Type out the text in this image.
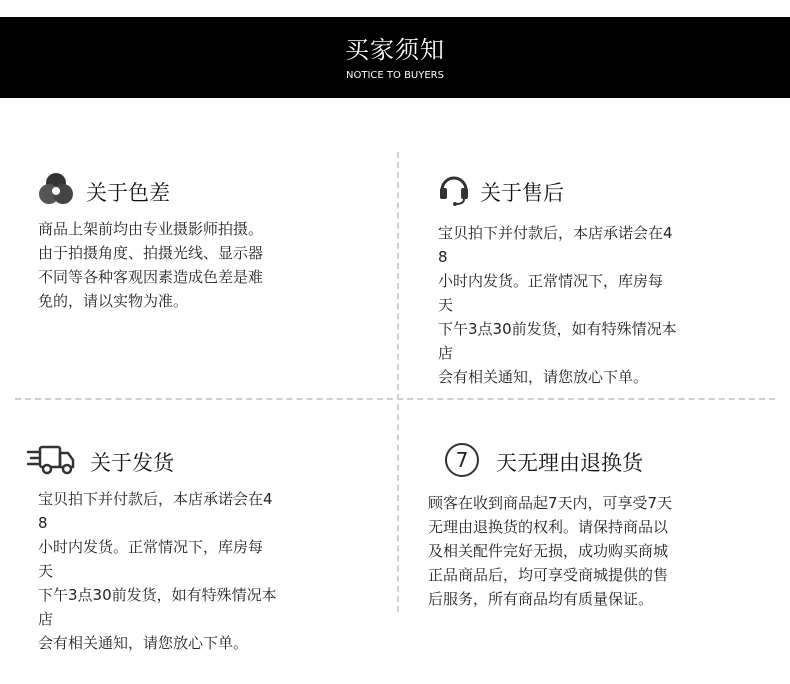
买家须知
NOTICE TO BUYERS
关于色差
商品上架前均由专业摄影师拍摄。
由于拍摄角度、拍摄光线、显示器
不同等各种客观因素造成色差是难
免的，请以实物为准。
关于售后
宝贝拍下并付款后，本店承诺会在4
8
小时内发货。正常情况下，库房每
天
下午3点30前发货，如有特殊情况本
店
会有相关通知，请您放心下单。
关于发货
宝贝拍下并付款后，本店承诺会在4
8
小时内发货。正常情况下，库房每
天
下午3点30前发货，如有特殊情况本
店
会有相关通知，请您放心下单。
7 天无理由退换货
顾客在收到商品起7天内，可享受7天
无理由退换货的权利。请保持商品以
及相关配件完好无损，成功购买商城
正品商品后，均可享受商城提供的售
后服务，所有商品均有质量保证。
